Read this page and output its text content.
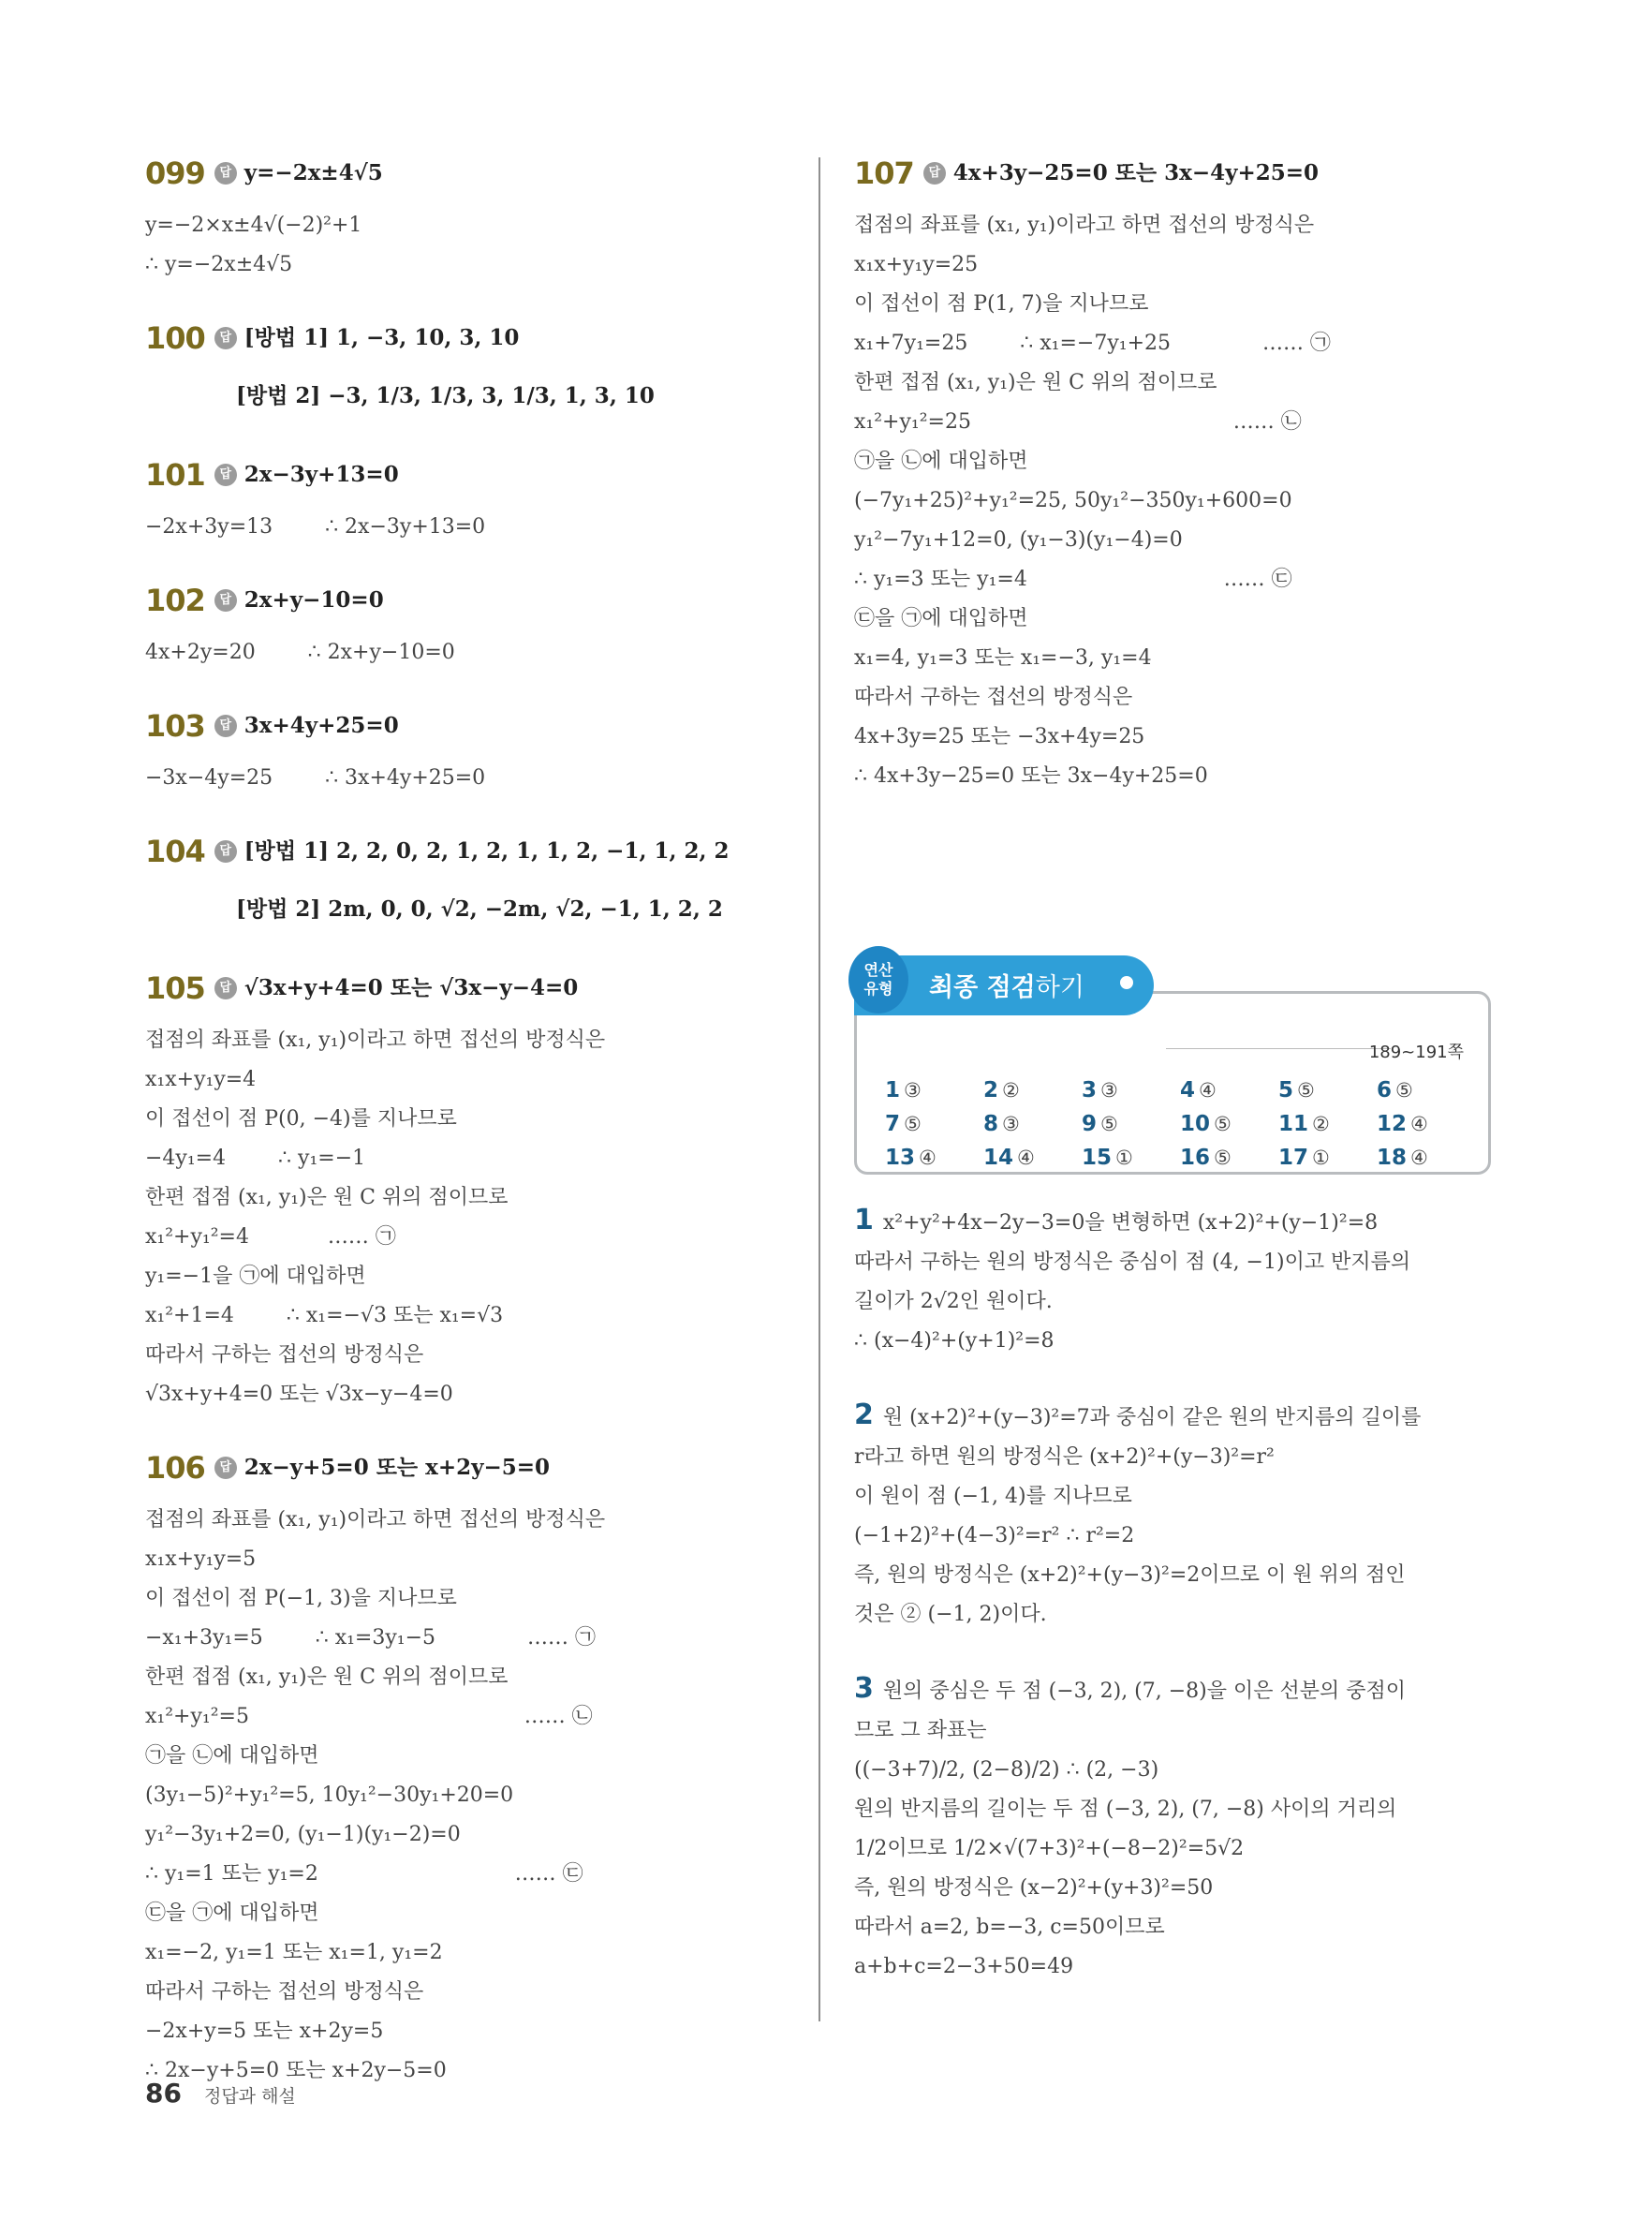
099	답 y=−2x±4√5
y=−2×x±4√(−2)²+1
∴ y=−2x±4√5
100	답 [방법 1] 1, −3, 10, 3, 10
[방법 2] −3, 1/3, 1/3, 3, 1/3, 1, 3, 10
101	답 2x−3y+13=0
−2x+3y=13        ∴ 2x−3y+13=0
102	답 2x+y−10=0
4x+2y=20        ∴ 2x+y−10=0
103	답 3x+4y+25=0
−3x−4y=25        ∴ 3x+4y+25=0
104	답 [방법 1] 2, 2, 0, 2, 1, 2, 1, 1, 2, −1, 1, 2, 2
[방법 2] 2m, 0, 0, √2, −2m, √2, −1, 1, 2, 2
105	답 √3x+y+4=0 또는 √3x−y−4=0
접점의 좌표를 (x₁, y₁)이라고 하면 접선의 방정식은
x₁x+y₁y=4
이 접선이 점 P(0, −4)를 지나므로
−4y₁=4        ∴ y₁=−1
한편 접점 (x₁, y₁)은 원 C 위의 점이므로
x₁²+y₁²=4            …… ㉠
y₁=−1을 ㉠에 대입하면
x₁²+1=4        ∴ x₁=−√3 또는 x₁=√3
따라서 구하는 접선의 방정식은
√3x+y+4=0 또는 √3x−y−4=0
106	답 2x−y+5=0 또는 x+2y−5=0
접점의 좌표를 (x₁, y₁)이라고 하면 접선의 방정식은
x₁x+y₁y=5
이 접선이 점 P(−1, 3)을 지나므로
−x₁+3y₁=5        ∴ x₁=3y₁−5              …… ㉠
한편 접점 (x₁, y₁)은 원 C 위의 점이므로
x₁²+y₁²=5                                          …… ㉡
㉠을 ㉡에 대입하면
(3y₁−5)²+y₁²=5, 10y₁²−30y₁+20=0
y₁²−3y₁+2=0, (y₁−1)(y₁−2)=0
∴ y₁=1 또는 y₁=2                              …… ㉢
㉢을 ㉠에 대입하면
x₁=−2, y₁=1 또는 x₁=1, y₁=2
따라서 구하는 접선의 방정식은
−2x+y=5 또는 x+2y=5
∴ 2x−y+5=0 또는 x+2y−5=0
107	답 4x+3y−25=0 또는 3x−4y+25=0
접점의 좌표를 (x₁, y₁)이라고 하면 접선의 방정식은
x₁x+y₁y=25
이 접선이 점 P(1, 7)을 지나므로
x₁+7y₁=25        ∴ x₁=−7y₁+25              …… ㉠
한편 접점 (x₁, y₁)은 원 C 위의 점이므로
x₁²+y₁²=25                                        …… ㉡
㉠을 ㉡에 대입하면
(−7y₁+25)²+y₁²=25, 50y₁²−350y₁+600=0
y₁²−7y₁+12=0, (y₁−3)(y₁−4)=0
∴ y₁=3 또는 y₁=4                              …… ㉢
㉢을 ㉠에 대입하면
x₁=4, y₁=3 또는 x₁=−3, y₁=4
따라서 구하는 접선의 방정식은
4x+3y=25 또는 −3x+4y=25
∴ 4x+3y−25=0 또는 3x−4y+25=0
189~191쪽
1 ③	2 ②	3 ③	4 ④	5 ⑤	6 ⑤
7 ⑤	8 ③	9 ⑤	10 ⑤	11 ②	12 ④
13 ④	14 ④	15 ①	16 ⑤	17 ①	18 ④
연산
유형 최종 점검하기
1 x²+y²+4x−2y−3=0을 변형하면 (x+2)²+(y−1)²=8
따라서 구하는 원의 방정식은 중심이 점 (4, −1)이고 반지름의
길이가 2√2인 원이다.
∴ (x−4)²+(y+1)²=8
2 원 (x+2)²+(y−3)²=7과 중심이 같은 원의 반지름의 길이를
r라고 하면 원의 방정식은 (x+2)²+(y−3)²=r²
이 원이 점 (−1, 4)를 지나므로
(−1+2)²+(4−3)²=r² ∴ r²=2
즉, 원의 방정식은 (x+2)²+(y−3)²=2이므로 이 원 위의 점인
것은 ② (−1, 2)이다.
3 원의 중심은 두 점 (−3, 2), (7, −8)을 이은 선분의 중점이
므로 그 좌표는
((−3+7)/2, (2−8)/2) ∴ (2, −3)
원의 반지름의 길이는 두 점 (−3, 2), (7, −8) 사이의 거리의
1/2이므로 1/2×√(7+3)²+(−8−2)²=5√2
즉, 원의 방정식은 (x−2)²+(y+3)²=50
따라서 a=2, b=−3, c=50이므로
a+b+c=2−3+50=49
86 정답과 해설
